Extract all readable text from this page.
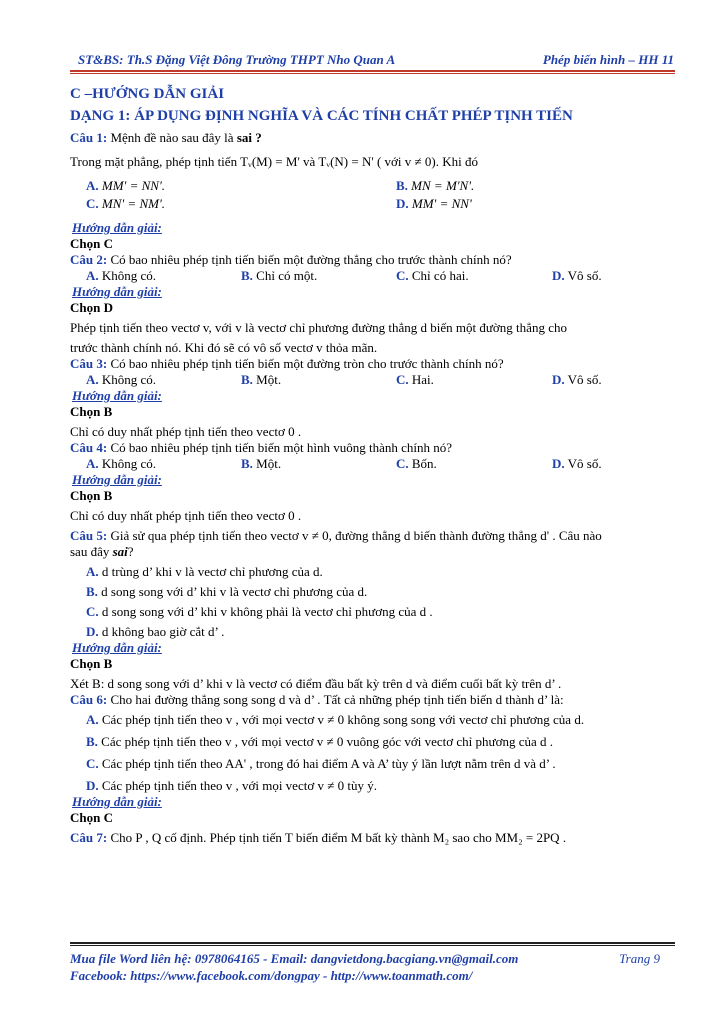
ST&BS: Th.S Đặng Việt Đông Trường THPT Nho Quan A	Phép biến hình – HH 11
C –HƯỚNG DẪN GIẢI
DẠNG 1: ÁP DỤNG ĐỊNH NGHĨA VÀ CÁC TÍNH CHẤT PHÉP TỊNH TIẾN

Câu 1: Mệnh đề nào sau đây là sai ?

Trong mặt phẳng, phép tịnh tiến Tᵥ(M) = M' và Tᵥ(N) = N' ( với v ≠ 0). Khi đó

A. MM' = NN'.	B. MN = M'N'.
C. MN' = NM'.	D. MM' = NN'

Hướng dẫn giải:

Chọn C

Câu 2: Có bao nhiêu phép tịnh tiến biến một đường thẳng cho trước thành chính nó?

A. Không có.	B. Chỉ có một.	C. Chỉ có hai.	D. Vô số.

Hướng dẫn giải:

Chọn D

Phép tịnh tiến theo vectơ v, với v là vectơ chỉ phương đường thẳng d biến một đường thẳng cho

trước thành chính nó. Khi đó sẽ có vô số vectơ v thỏa mãn.

Câu 3: Có bao nhiêu phép tịnh tiến biến một đường tròn cho trước thành chính nó?

A. Không có.	B. Một.	C. Hai.	D. Vô số.

Hướng dẫn giải:

Chọn B

Chỉ có duy nhất phép tịnh tiến theo vectơ 0 .

Câu 4: Có bao nhiêu phép tịnh tiến biến một hình vuông thành chính nó?

A. Không có.	B. Một.	C. Bốn.	D. Vô số.

Hướng dẫn giải:

Chọn B

Chỉ có duy nhất phép tịnh tiến theo vectơ 0 .

Câu 5: Giả sử qua phép tịnh tiến theo vectơ v ≠ 0, đường thẳng d biến thành đường thẳng d' . Câu nào

sau đây sai?

A. d trùng d’ khi v là vectơ chỉ phương của d.

B. d song song với d’ khi v là vectơ chỉ phương của d.

C. d song song với d’ khi v không phải là vectơ chỉ phương của d .

D. d không bao giờ cắt d’ .

Hướng dẫn giải:

Chọn B

Xét B: d song song với d’ khi v là vectơ có điểm đầu bất kỳ trên d và điểm cuối bất kỳ trên d’ .

Câu 6: Cho hai đường thẳng song song d và d’ . Tất cả những phép tịnh tiến biến d thành d’ là:

A. Các phép tịnh tiến theo v , với mọi vectơ v ≠ 0 không song song với vectơ chỉ phương của d.

B. Các phép tịnh tiến theo v , với mọi vectơ v ≠ 0 vuông góc với vectơ chỉ phương của d .

C. Các phép tịnh tiến theo AA' , trong đó hai điểm A và A’ tùy ý lần lượt nằm trên d và d’ .

D. Các phép tịnh tiến theo v , với mọi vectơ v ≠ 0 tùy ý.

Hướng dẫn giải:

Chọn C

Câu 7: Cho P , Q cố định. Phép tịnh tiến T biến điểm M bất kỳ thành M₂ sao cho MM₂ = 2PQ .

Mua file Word liên hệ: 0978064165 - Email: dangvietdong.bacgiang.vn@gmail.com	Trang 9
Facebook: https://www.facebook.com/dongpay - http://www.toanmath.com/
